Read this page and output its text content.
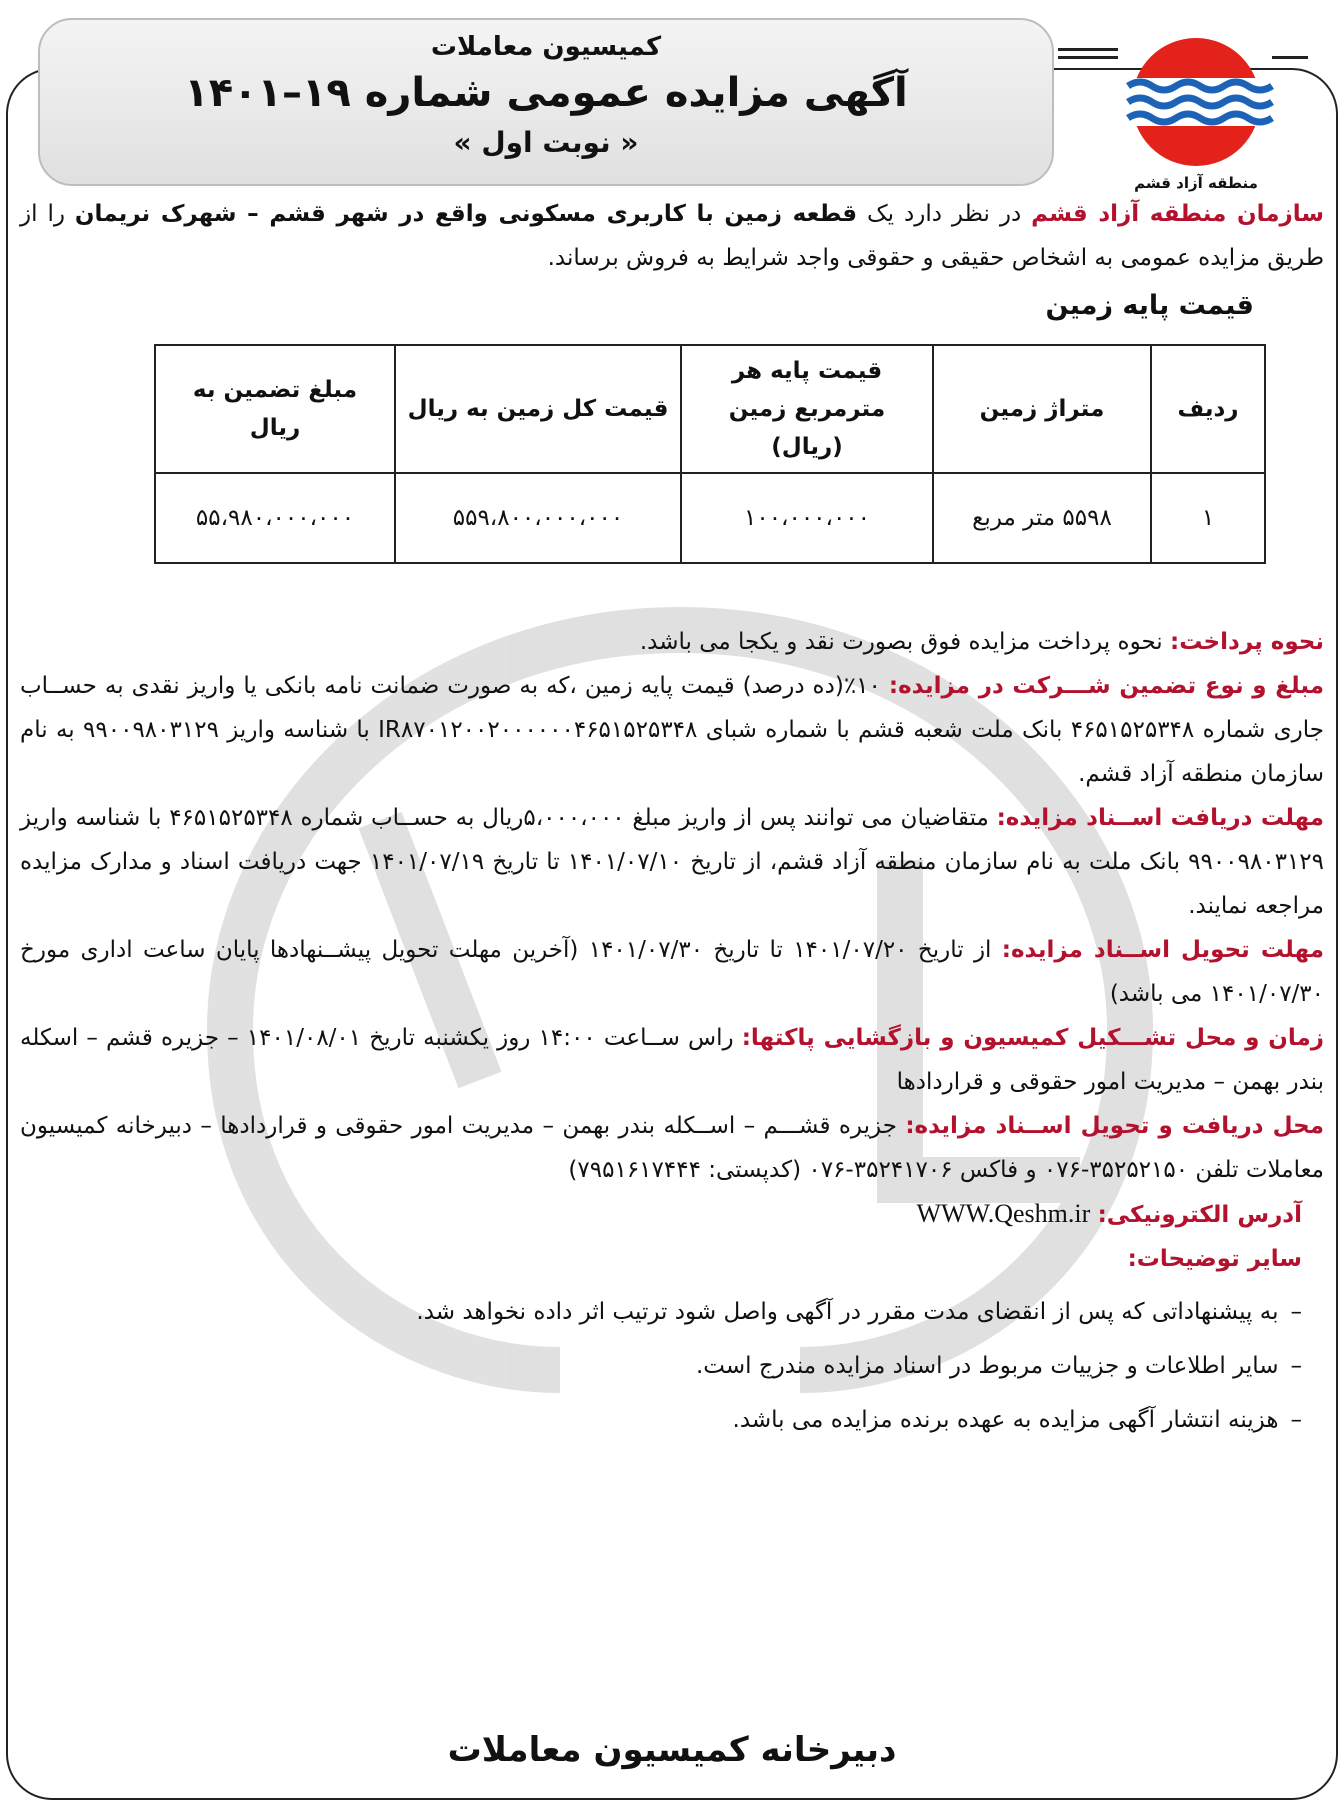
کمیسیون معاملات
آگهی مزایده عمومی شماره ۱۹–۱۴۰۱
« نوبت اول »
منطقه آزاد قشم

سازمان منطقه آزاد قشم در نظر دارد یک قطعه زمین با کاربری مسکونی واقع در شهر قشم – شهرک نریمان را از طریق مزایده عمومی به اشخاص حقیقی و حقوقی واجد شرایط به فروش برساند.

قیمت پایه زمین
ردیف	متراژ زمین	قیمت پایه هر مترمربع زمین (ریال)	قیمت کل زمین به ریال	مبلغ تضمین به ریال
۱	۵۵۹۸ متر مربع	۱۰۰،۰۰۰،۰۰۰	۵۵۹،۸۰۰،۰۰۰،۰۰۰	۵۵،۹۸۰،۰۰۰،۰۰۰

نحوه پرداخت: نحوه پرداخت مزایده فوق بصورت نقد و یکجا می باشد.

مبلغ و نوع تضمین شـــرکت در مزایده: ۱۰٪(ده درصد) قیمت پایه زمین ،که به صورت ضمانت نامه بانکی یا واریز نقدی به حســاب جاری شماره ۴۶۵۱۵۲۵۳۴۸ بانک ملت شعبه قشم با شماره شبای IR۸۷۰۱۲۰۰۲۰۰۰۰۰۰۴۶۵۱۵۲۵۳۴۸ با شناسه واریز ۹۹۰۰۹۸۰۳۱۲۹ به نام سازمان منطقه آزاد قشم.

مهلت دریافت اســناد مزایده: متقاضیان می توانند پس از واریز مبلغ ۵،۰۰۰،۰۰۰ریال به حســاب شماره ۴۶۵۱۵۲۵۳۴۸ با شناسه واریز ۹۹۰۰۹۸۰۳۱۲۹ بانک ملت به نام سازمان منطقه آزاد قشم، از تاریخ ۱۴۰۱/۰۷/۱۰ تا تاریخ ۱۴۰۱/۰۷/۱۹ جهت دریافت اسناد و مدارک مزایده مراجعه نمایند.

مهلت تحویل اســناد مزایده: از تاریخ ۱۴۰۱/۰۷/۲۰ تا تاریخ ۱۴۰۱/۰۷/۳۰ (آخرین مهلت تحویل پیشــنهادها پایان ساعت اداری مورخ ۱۴۰۱/۰۷/۳۰ می باشد)

زمان و محل تشـــکیل کمیسیون و بازگشایی پاکتها: راس ســاعت ۱۴:۰۰ روز یکشنبه تاریخ ۱۴۰۱/۰۸/۰۱ – جزیره قشم – اسکله بندر بهمن – مدیریت امور حقوقی و قراردادها

محل دریافت و تحویل اســناد مزایده: جزیره قشـــم – اســکله بندر بهمن – مدیریت امور حقوقی و قراردادها – دبیرخانه کمیسیون معاملات تلفن ۳۵۲۵۲۱۵۰-۰۷۶ و فاکس ۳۵۲۴۱۷۰۶-۰۷۶ (کدپستی: ۷۹۵۱۶۱۷۴۴۴)

آدرس الکترونیکی: WWW.Qeshm.ir

سایر توضیحات:

– به پیشنهاداتی که پس از انقضای مدت مقرر در آگهی واصل شود ترتیب اثر داده نخواهد شد.
– سایر اطلاعات و جزییات مربوط در اسناد مزایده مندرج است.
– هزینه انتشار آگهی مزایده به عهده برنده مزایده می باشد.
دبیرخانه کمیسیون معاملات
